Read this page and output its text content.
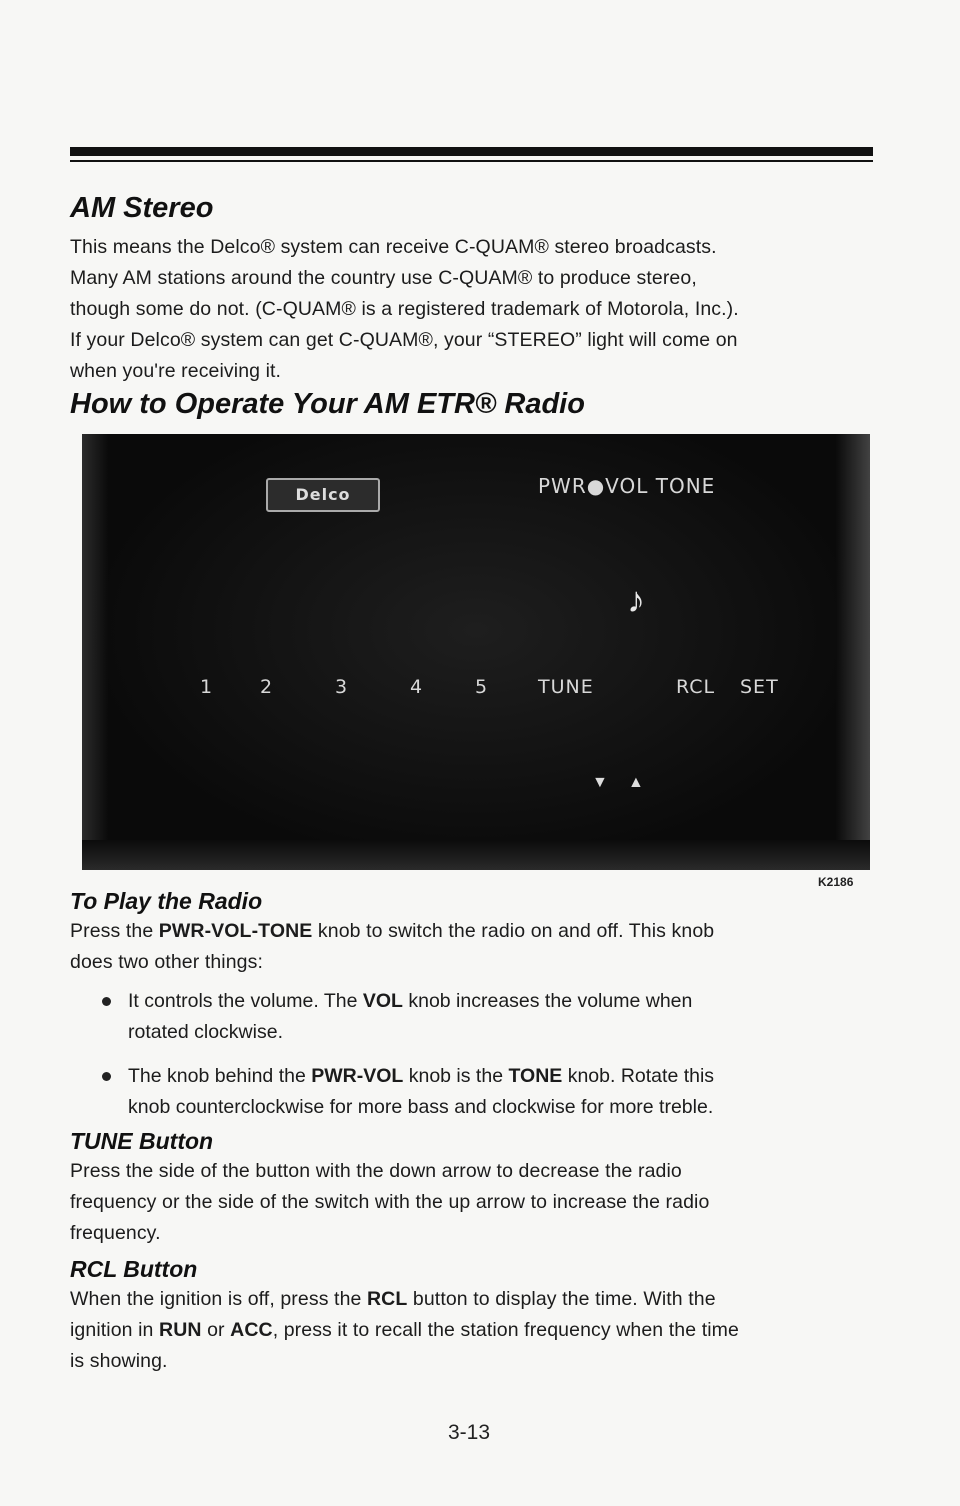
AM Stereo
This means the Delco® system can receive C-QUAM® stereo broadcasts.
Many AM stations around the country use C-QUAM® to produce stereo,
though some do not. (C-QUAM® is a registered trademark of Motorola, Inc.).
If your Delco® system can get C-QUAM®, your “STEREO” light will come on
when you're receiving it.
How to Operate Your AM ETR® Radio
Delco	PWR●VOL TONE
♪
1 2	3	4	5	TUNE	RCL SET
▼ ▲
K2186
To Play the Radio
Press the PWR-VOL-TONE knob to switch the radio on and off. This knob
does two other things:
It controls the volume. The VOL knob increases the volume when
rotated clockwise.
The knob behind the PWR-VOL knob is the TONE knob. Rotate this
knob counterclockwise for more bass and clockwise for more treble.
TUNE Button
Press the side of the button with the down arrow to decrease the radio
frequency or the side of the switch with the up arrow to increase the radio
frequency.
RCL Button
When the ignition is off, press the RCL button to display the time. With the
ignition in RUN or ACC, press it to recall the station frequency when the time
is showing.
3-13
